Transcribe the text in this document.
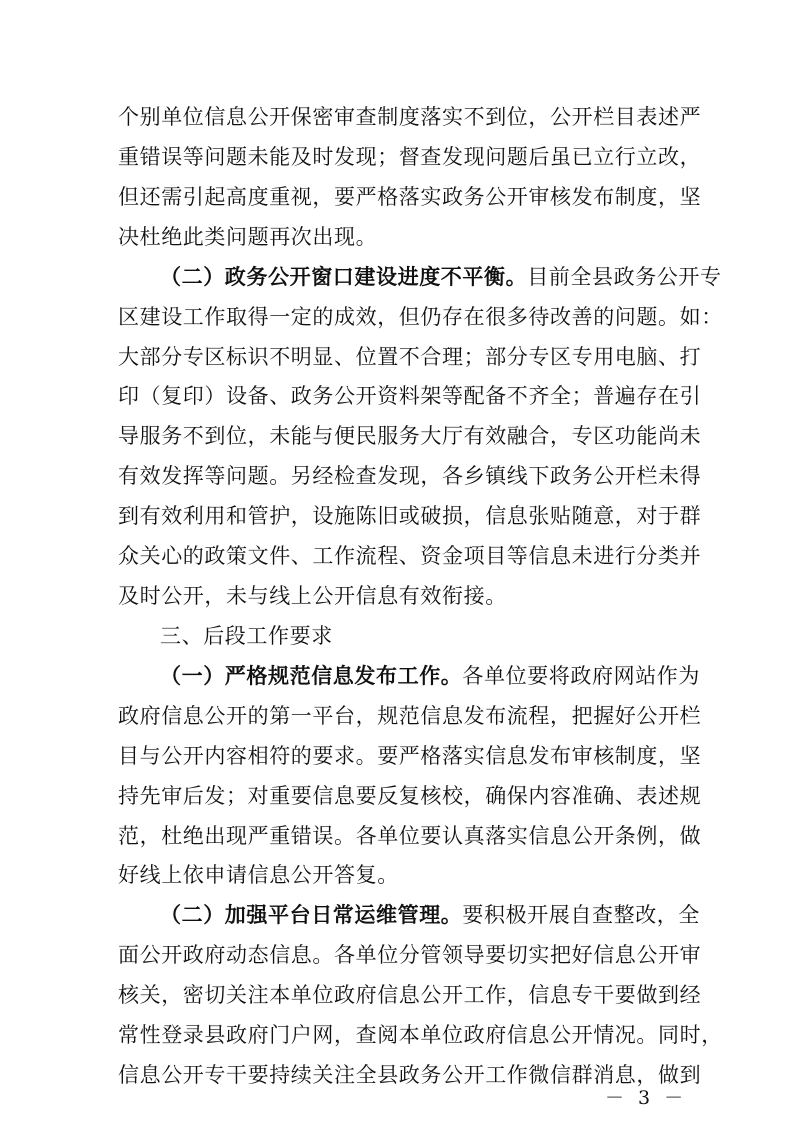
个别单位信息公开保密审查制度落实不到位，公开栏目表述严
重错误等问题未能及时发现；督查发现问题后虽已立行立改，
但还需引起高度重视，要严格落实政务公开审核发布制度，坚
决杜绝此类问题再次出现。
（二）政务公开窗口建设进度不平衡。目前全县政务公开专
区建设工作取得一定的成效，但仍存在很多待改善的问题。如：
大部分专区标识不明显、位置不合理；部分专区专用电脑、打
印（复印）设备、政务公开资料架等配备不齐全；普遍存在引
导服务不到位，未能与便民服务大厅有效融合，专区功能尚未
有效发挥等问题。另经检查发现，各乡镇线下政务公开栏未得
到有效利用和管护，设施陈旧或破损，信息张贴随意，对于群
众关心的政策文件、工作流程、资金项目等信息未进行分类并
及时公开，未与线上公开信息有效衔接。
三、后段工作要求
（一）严格规范信息发布工作。各单位要将政府网站作为
政府信息公开的第一平台，规范信息发布流程，把握好公开栏
目与公开内容相符的要求。要严格落实信息发布审核制度，坚
持先审后发；对重要信息要反复核校，确保内容准确、表述规
范，杜绝出现严重错误。各单位要认真落实信息公开条例，做
好线上依申请信息公开答复。
（二）加强平台日常运维管理。要积极开展自查整改，全
面公开政府动态信息。各单位分管领导要切实把好信息公开审
核关，密切关注本单位政府信息公开工作，信息专干要做到经
常性登录县政府门户网，查阅本单位政府信息公开情况。同时，
－ 3 －
信息公开专干要持续关注全县政务公开工作微信群消息，做到
